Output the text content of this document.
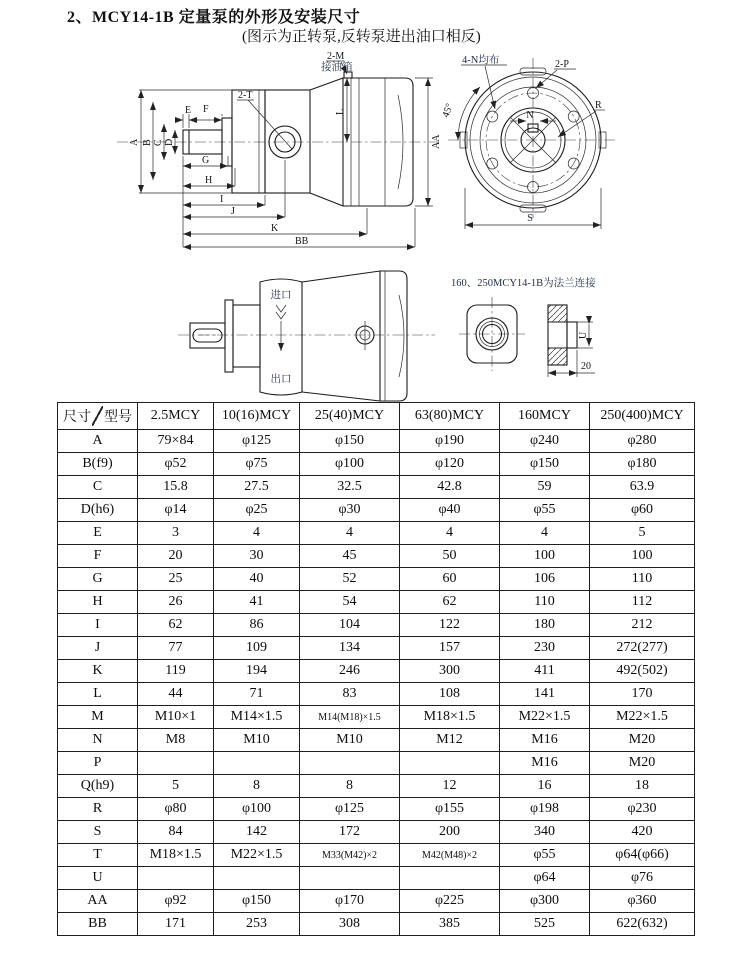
2、MCY14-1B 定量泵的外形及安装尺寸
(图示为正转泵,反转泵进出油口相反)
2-M
接油箱
2-T
A B C D
E F
G
H
I
J
K
BB
L
AA
4-N均布	2-P
45°	N
R
S
进口
出口
160、250MCY14-1B为法兰连接
U
20
尺寸 型号	2.5MCY	10(16)MCY	25(40)MCY	63(80)MCY	160MCY	250(400)MCY
A	79×84	φ125	φ150	φ190	φ240	φ280
B(f9)	φ52	φ75	φ100	φ120	φ150	φ180
C	15.8	27.5	32.5	42.8	59	63.9
D(h6)	φ14	φ25	φ30	φ40	φ55	φ60
E	3	4	4	4	4	5
F	20	30	45	50	100	100
G	25	40	52	60	106	110
H	26	41	54	62	110	112
I	62	86	104	122	180	212
J	77	109	134	157	230	272(277)
K	119	194	246	300	411	492(502)
L	44	71	83	108	141	170
M	M10×1	M14×1.5	M14(M18)×1.5	M18×1.5	M22×1.5	M22×1.5
N	M8	M10	M10	M12	M16	M20
P					M16	M20
Q(h9)	5	8	8	12	16	18
R	φ80	φ100	φ125	φ155	φ198	φ230
S	84	142	172	200	340	420
T	M18×1.5	M22×1.5	M33(M42)×2	M42(M48)×2	φ55	φ64(φ66)
U					φ64	φ76
AA	φ92	φ150	φ170	φ225	φ300	φ360
BB	171	253	308	385	525	622(632)
